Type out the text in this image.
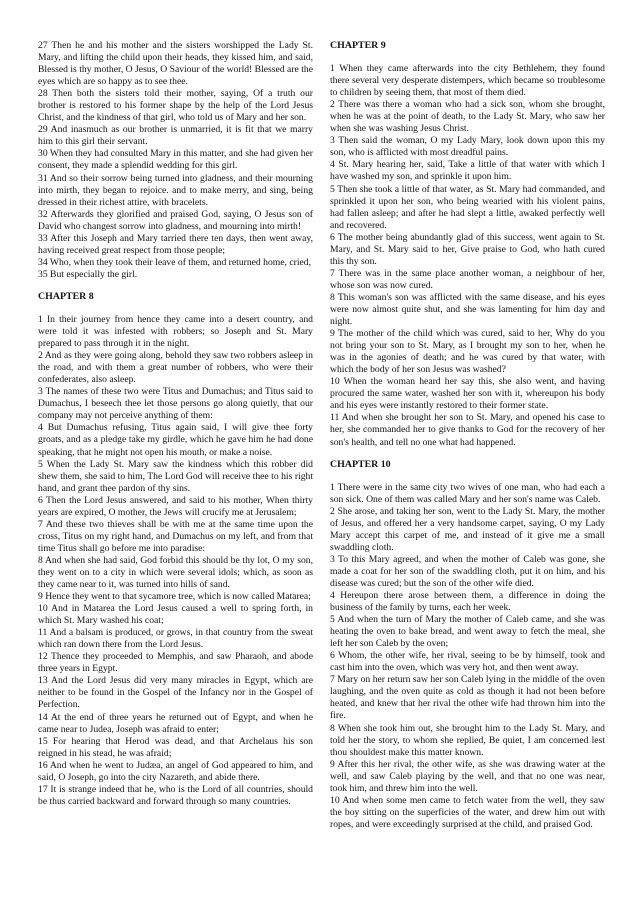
27 Then he and his mother and the sisters worshipped the Lady St. Mary, and lifting the child upon their heads, they kissed him, and said, Blessed is thy mother, O Jesus, O Saviour of the world! Blessed are the eyes which are so happy as to see thee.

28 Then both the sisters told their mother, saying, Of a truth our brother is restored to his former shape by the help of the Lord Jesus Christ, and the kindness of that girl, who told us of Mary and her son.

29 And inasmuch as our brother is unmarried, it is fit that we marry him to this girl their servant.

30 When they had consulted Mary in this matter, and she had given her consent, they made a splendid wedding for this girl.

31 And so their sorrow being turned into gladness, and their mourning into mirth, they began to rejoice. and to make merry, and sing, being dressed in their richest attire, with bracelets.

32 Afterwards they glorified and praised God, saying, O Jesus son of David who changest sorrow into gladness, and mourning into mirth!

33 After this Joseph and Mary tarried there ten days, then went away, having received great respect from those people;

34 Who, when they took their leave of them, and returned home, cried,

35 But especially the girl.

CHAPTER 8

1 In their journey from hence they came into a desert country, and were told it was infested with robbers; so Joseph and St. Mary prepared to pass through it in the night.

2 And as they were going along, behold they saw two robbers asleep in the road, and with them a great number of robbers, who were their confederates, also asleep.

3 The names of these two were Titus and Dumachus; and Titus said to Dumachus, I beseech thee let those persons go along quietly, that our company may not perceive anything of them:

4 But Dumachus refusing, Titus again said, I will give thee forty groats, and as a pledge take my girdle, which he gave him he had done speaking, that he might not open his mouth, or make a noise.

5 When the Lady St. Mary saw the kindness which this robber did shew them, she said to him, The Lord God will receive thee to his right hand, and grant thee pardon of thy sins.

6 Then the Lord Jesus answered, and said to his mother, When thirty years are expired, O mother, the Jews will crucify me at Jerusalem;

7 And these two thieves shall be with me at the same time upon the cross, Titus on my right hand, and Dumachus on my left, and from that time Titus shall go before me into paradise:

8 And when she had said, God forbid this should be thy lot, O my son, they went on to a city in which were several idols; which, as soon as they came near to it, was turned into hills of sand.

9 Hence they went to that sycamore tree, which is now called Matarea;

10 And in Matarea the Lord Jesus caused a well to spring forth, in which St. Mary washed his coat;

11 And a balsam is produced, or grows, in that country from the sweat which ran down there from the Lord Jesus.

12 Thence they proceeded to Memphis, and saw Pharaoh, and abode three years in Egypt.

13 And the Lord Jesus did very many miracles in Egypt, which are neither to be found in the Gospel of the Infancy nor in the Gospel of Perfection.

14 At the end of three years he returned out of Egypt, and when he came near to Judea, Joseph was afraid to enter;

15 For hearing that Herod was dead, and that Archelaus his son reigned in his stead, he was afraid;

16 And when he went to Judæa, an angel of God appeared to him, and said, O Joseph, go into the city Nazareth, and abide there.

17 It is strange indeed that he, who is the Lord of all countries, should be thus carried backward and forward through so many countries.

CHAPTER 9

1 When they came afterwards into the city Bethlehem, they found there several very desperate distempers, which became so troublesome to children by seeing them, that most of them died.

2 There was there a woman who had a sick son, whom she brought, when he was at the point of death, to the Lady St. Mary, who saw her when she was washing Jesus Christ.

3 Then said the woman, O my Lady Mary, look down upon this my son, who is afflicted with most dreadful pains.

4 St. Mary hearing her, said, Take a little of that water with which I have washed my son, and sprinkle it upon him.

5 Then she took a little of that water, as St. Mary had commanded, and sprinkled it upon her son, who being wearied with his violent pains, had fallen asleep; and after he had slept a little, awaked perfectly well and recovered.

6 The mother being abundantly glad of this success, went again to St. Mary, and St. Mary said to her, Give praise to God, who hath cured this thy son.

7 There was in the same place another woman, a neighbour of her, whose son was now cured.

8 This woman's son was afflicted with the same disease, and his eyes were now almost quite shut, and she was lamenting for him day and night.

9 The mother of the child which was cured, said to her, Why do you not bring your son to St. Mary, as I brought my son to her, when he was in the agonies of death; and he was cured by that water, with which the body of her son Jesus was washed?

10 When the woman heard her say this, she also went, and having procured the same water, washed her son with it, whereupon his body and his eyes were instantly restored to their former state.

11 And when she brought her son to St. Mary, and opened his case to her, she commanded her to give thanks to God for the recovery of her son's health, and tell no one what had happened.

CHAPTER 10

1 There were in the same city two wives of one man, who had each a son sick. One of them was called Mary and her son's name was Caleb.

2 She arose, and taking her son, went to the Lady St. Mary, the mother of Jesus, and offered her a very handsome carpet, saying, O my Lady Mary accept this carpet of me, and instead of it give me a small swaddling cloth.

3 To this Mary agreed, and when the mother of Caleb was gone, she made a coat for her son of the swaddling cloth, put it on him, and his disease was cured; but the son of the other wife died.

4 Hereupon there arose between them, a difference in doing the business of the family by turns, each her week.

5 And when the turn of Mary the mother of Caleb came, and she was heating the oven to bake bread, and went away to fetch the meal, she left her son Caleb by the oven;

6 Whom, the other wife, her rival, seeing to be by himself, took and cast him into the oven, which was very hot, and then went away.

7 Mary on her return saw her son Caleb lying in the middle of the oven laughing, and the oven quite as cold as though it had not been before heated, and knew that her rival the other wife had thrown him into the fire.

8 When she took him out, she brought him to the Lady St. Mary, and told her the story, to whom she replied, Be quiet, I am concerned lest thou shouldest make this matter known.

9 After this her rival, the other wife, as she was drawing water at the well, and saw Caleb playing by the well, and that no one was near, took him, and threw him into the well.

10 And when some men came to fetch water from the well, they saw the boy sitting on the superficies of the water, and drew him out with ropes, and were exceedingly surprised at the child, and praised God.
